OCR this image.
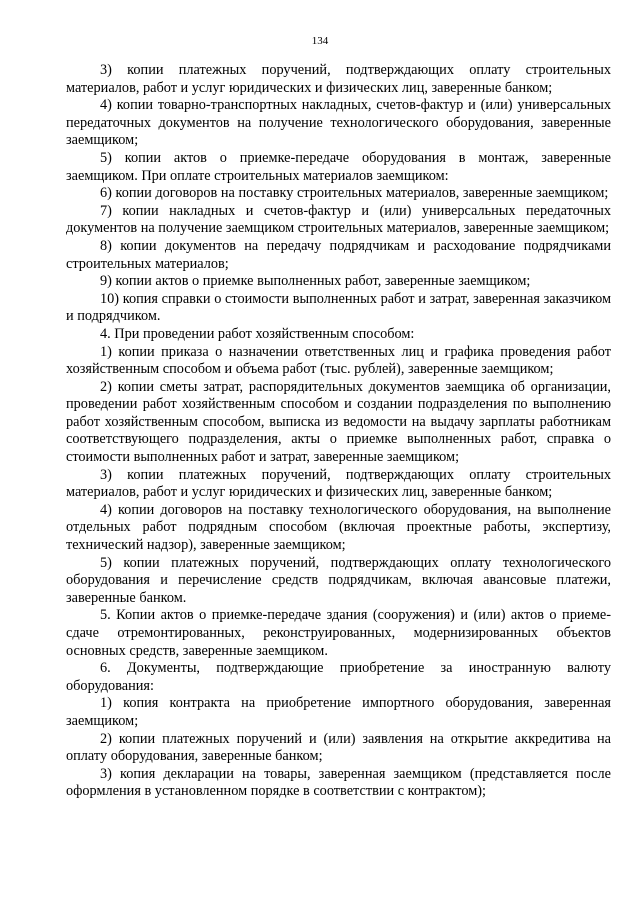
134

3) копии платежных поручений, подтверждающих оплату строительных материалов, работ и услуг юридических и физических лиц, заверенные банком;

4) копии товарно-транспортных накладных, счетов-фактур и (или) универсальных передаточных документов на получение технологического оборудования, заверенные заемщиком;

5) копии актов о приемке-передаче оборудования в монтаж, заверенные заемщиком. При оплате строительных материалов заемщиком:

6) копии договоров на поставку строительных материалов, заверенные заемщиком;

7) копии накладных и счетов-фактур и (или) универсальных передаточных документов на получение заемщиком строительных материалов, заверенные заемщиком;

8) копии документов на передачу подрядчикам и расходование подрядчиками строительных материалов;

9) копии актов о приемке выполненных работ, заверенные заемщиком;

10) копия справки о стоимости выполненных работ и затрат, заверенная заказчиком и подрядчиком.

4. При проведении работ хозяйственным способом:

1) копии приказа о назначении ответственных лиц и графика проведения работ хозяйственным способом и объема работ (тыс. рублей), заверенные заемщиком;

2) копии сметы затрат, распорядительных документов заемщика об организации, проведении работ хозяйственным способом и создании подразделения по выполнению работ хозяйственным способом, выписка из ведомости на выдачу зарплаты работникам соответствующего подразделения, акты о приемке выполненных работ, справка о стоимости выполненных работ и затрат, заверенные заемщиком;

3) копии платежных поручений, подтверждающих оплату строительных материалов, работ и услуг юридических и физических лиц, заверенные банком;

4) копии договоров на поставку технологического оборудования, на выполнение отдельных работ подрядным способом (включая проектные работы, экспертизу, технический надзор), заверенные заемщиком;

5) копии платежных поручений, подтверждающих оплату технологического оборудования и перечисление средств подрядчикам, включая авансовые платежи, заверенные банком.

5. Копии актов о приемке-передаче здания (сооружения) и (или) актов о приеме-сдаче отремонтированных, реконструированных, модернизированных объектов основных средств, заверенные заемщиком.

6. Документы, подтверждающие приобретение за иностранную валюту оборудования:

1) копия контракта на приобретение импортного оборудования, заверенная заемщиком;

2) копии платежных поручений и (или) заявления на открытие аккредитива на оплату оборудования, заверенные банком;

3) копия декларации на товары, заверенная заемщиком (представляется после оформления в установленном порядке в соответствии с контрактом);
